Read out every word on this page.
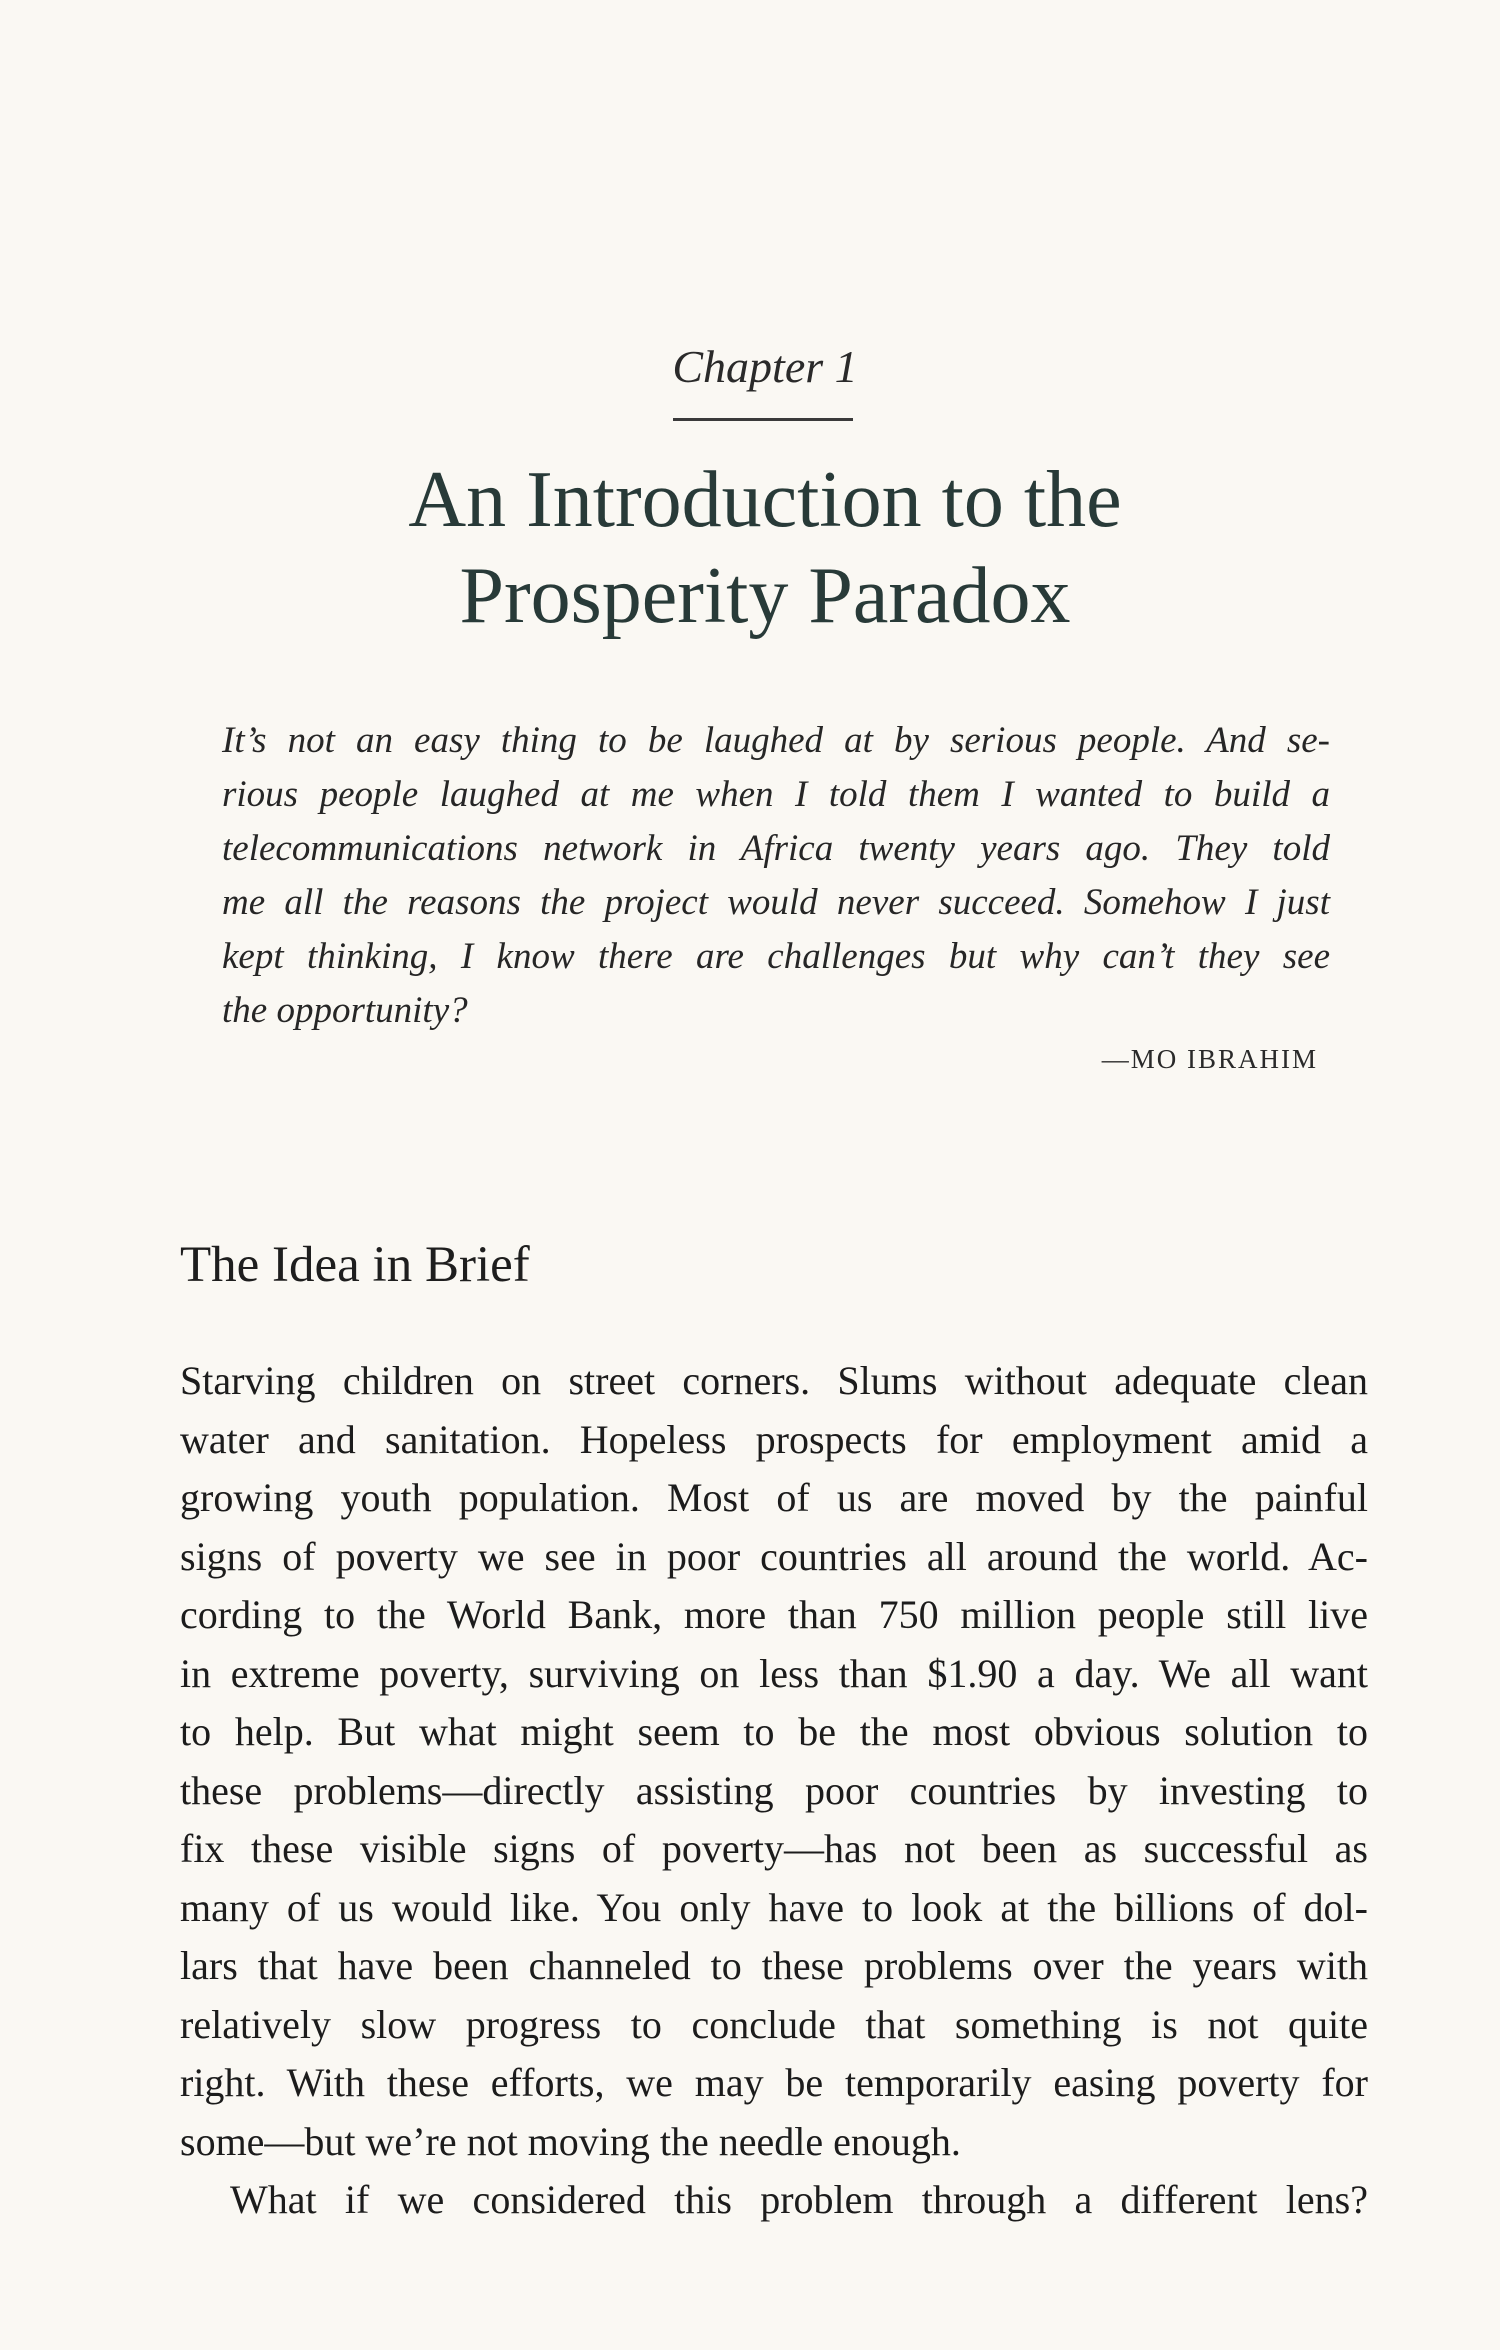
Chapter 1
An Introduction to the
Prosperity Paradox
It’s not an easy thing to be laughed at by serious people. And se-
rious people laughed at me when I told them I wanted to build a
telecommunications network in Africa twenty years ago. They told
me all the reasons the project would never succeed. Somehow I just
kept thinking, I know there are challenges but why can’t they see
the opportunity?
—MO IBRAHIM
The Idea in Brief
Starving children on street corners. Slums without adequate clean
water and sanitation. Hopeless prospects for employment amid a
growing youth population. Most of us are moved by the painful
signs of poverty we see in poor countries all around the world. Ac-
cording to the World Bank, more than 750 million people still live
in extreme poverty, surviving on less than $1.90 a day. We all want
to help. But what might seem to be the most obvious solution to
these problems—directly assisting poor countries by investing to
fix these visible signs of poverty—has not been as successful as
many of us would like. You only have to look at the billions of dol-
lars that have been channeled to these problems over the years with
relatively slow progress to conclude that something is not quite
right. With these efforts, we may be temporarily easing poverty for
some—but we’re not moving the needle enough.
What if we considered this problem through a different lens?
